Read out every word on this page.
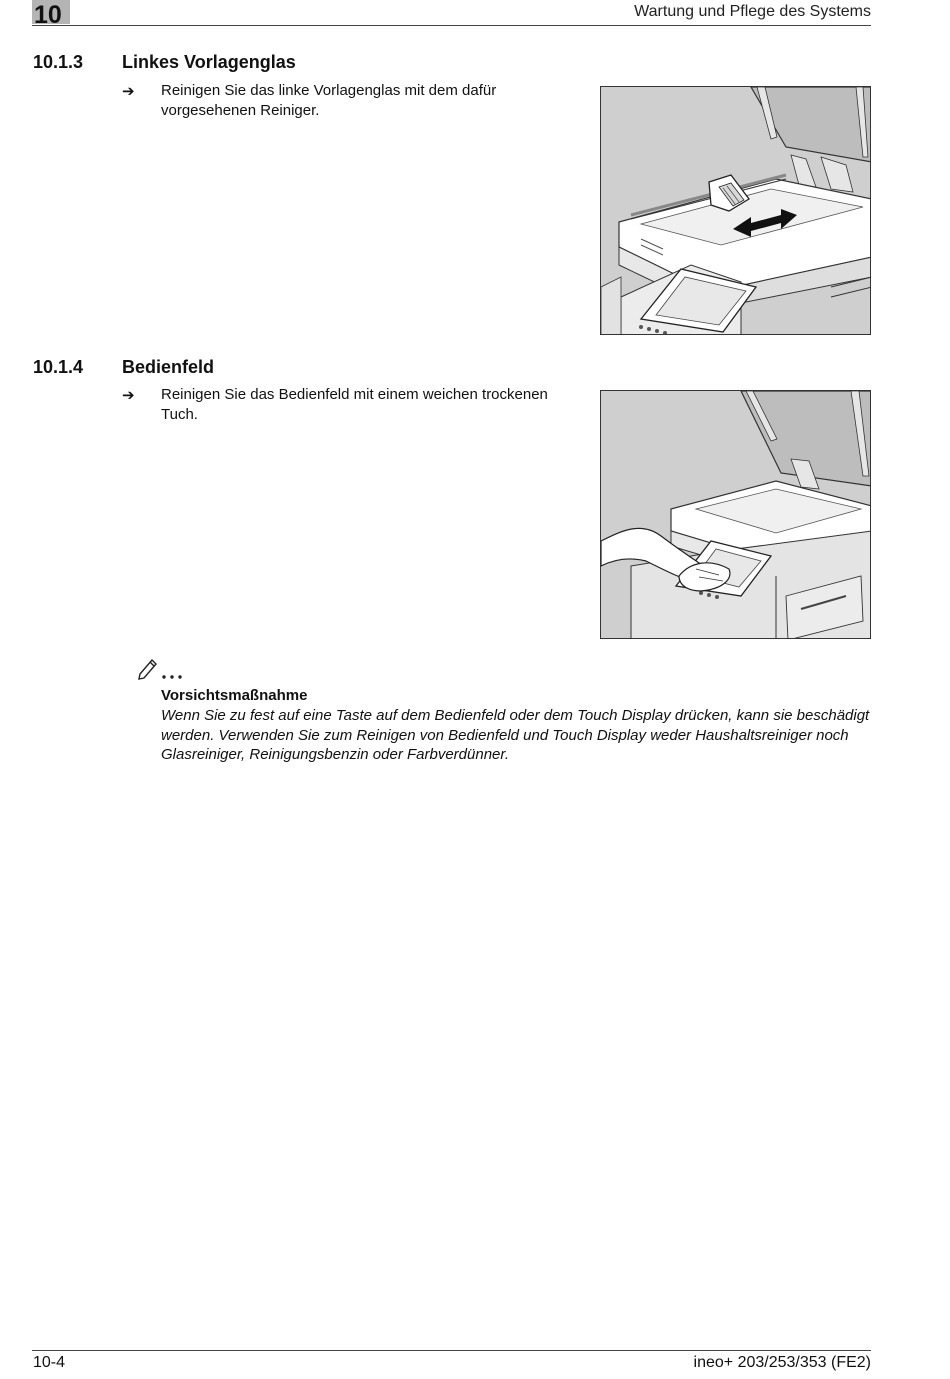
10	Wartung und Pflege des Systems
10.1.3 Linkes Vorlagenglas
➔ Reinigen Sie das linke Vorlagenglas mit dem dafür vorgesehenen Reiniger.
10.1.4 Bedienfeld
➔ Reinigen Sie das Bedienfeld mit einem weichen trockenen Tuch.
Vorsichtsmaßnahme
Wenn Sie zu fest auf eine Taste auf dem Bedienfeld oder dem Touch Display drücken, kann sie beschädigt werden. Verwenden Sie zum Reinigen von Bedienfeld und Touch Display weder Haushaltsreiniger noch Glasreiniger, Reinigungsbenzin oder Farbverdünner.
10-4	ineo+ 203/253/353 (FE2)
